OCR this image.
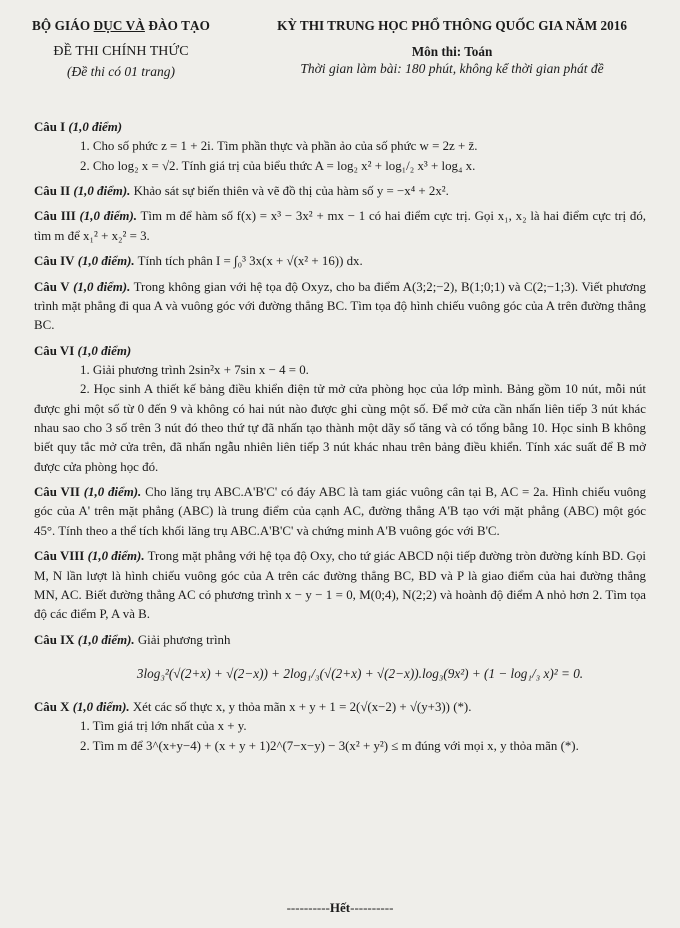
BỘ GIÁO DỤC VÀ ĐÀO TẠO
ĐỀ THI CHÍNH THỨC
(Đề thi có 01 trang)
KỲ THI TRUNG HỌC PHỔ THÔNG QUỐC GIA NĂM 2016
Môn thi: Toán
Thời gian làm bài: 180 phút, không kể thời gian phát đề
Câu I (1,0 điểm)
1. Cho số phức z = 1 + 2i. Tìm phần thực và phần ảo của số phức w = 2z + z̄.
2. Cho log₂ x = √2. Tính giá trị của biểu thức A = log₂ x² + log₁/₂ x³ + log₄ x.
Câu II (1,0 điểm). Khảo sát sự biến thiên và vẽ đồ thị của hàm số y = −x⁴ + 2x².
Câu III (1,0 điểm). Tìm m để hàm số f(x) = x³ − 3x² + mx − 1 có hai điểm cực trị. Gọi x₁, x₂ là hai điểm cực trị đó, tìm m để x₁² + x₂² = 3.
Câu IV (1,0 điểm). Tính tích phân I = ∫₀³ 3x(x + √(x² + 16)) dx.
Câu V (1,0 điểm). Trong không gian với hệ tọa độ Oxyz, cho ba điểm A(3;2;−2), B(1;0;1) và C(2;−1;3). Viết phương trình mặt phẳng đi qua A và vuông góc với đường thẳng BC. Tìm tọa độ hình chiếu vuông góc của A trên đường thẳng BC.
Câu VI (1,0 điểm)
1. Giải phương trình 2sin²x + 7sin x − 4 = 0.
2. Học sinh A thiết kế bảng điều khiển điện tử mở cửa phòng học của lớp mình. Bảng gồm 10 nút, mỗi nút được ghi một số từ 0 đến 9 và không có hai nút nào được ghi cùng một số. Để mở cửa cần nhấn liên tiếp 3 nút khác nhau sao cho 3 số trên 3 nút đó theo thứ tự đã nhấn tạo thành một dãy số tăng và có tổng bằng 10. Học sinh B không biết quy tắc mở cửa trên, đã nhấn ngẫu nhiên liên tiếp 3 nút khác nhau trên bảng điều khiển. Tính xác suất để B mở được cửa phòng học đó.
Câu VII (1,0 điểm). Cho lăng trụ ABC.A'B'C' có đáy ABC là tam giác vuông cân tại B, AC = 2a. Hình chiếu vuông góc của A' trên mặt phẳng (ABC) là trung điểm của cạnh AC, đường thẳng A'B tạo với mặt phẳng (ABC) một góc 45°. Tính theo a thể tích khối lăng trụ ABC.A'B'C' và chứng minh A'B vuông góc với B'C.
Câu VIII (1,0 điểm). Trong mặt phẳng với hệ tọa độ Oxy, cho tứ giác ABCD nội tiếp đường tròn đường kính BD. Gọi M, N lần lượt là hình chiếu vuông góc của A trên các đường thẳng BC, BD và P là giao điểm của hai đường thẳng MN, AC. Biết đường thẳng AC có phương trình x − y − 1 = 0, M(0;4), N(2;2) và hoành độ điểm A nhỏ hơn 2. Tìm tọa độ các điểm P, A và B.
Câu IX (1,0 điểm). Giải phương trình
3log₃²(√(2+x) + √(2−x)) + 2log₁/₃(√(2+x) + √(2−x)).log₃(9x²) + (1 − log₁/₃ x)² = 0.
Câu X (1,0 điểm). Xét các số thực x, y thỏa mãn x + y + 1 = 2(√(x−2) + √(y+3)) (*).
1. Tìm giá trị lớn nhất của x + y.
2. Tìm m để 3^(x+y−4) + (x + y + 1)2^(7−x−y) − 3(x² + y²) ≤ m đúng với mọi x, y thỏa mãn (*).
----------Hết----------
